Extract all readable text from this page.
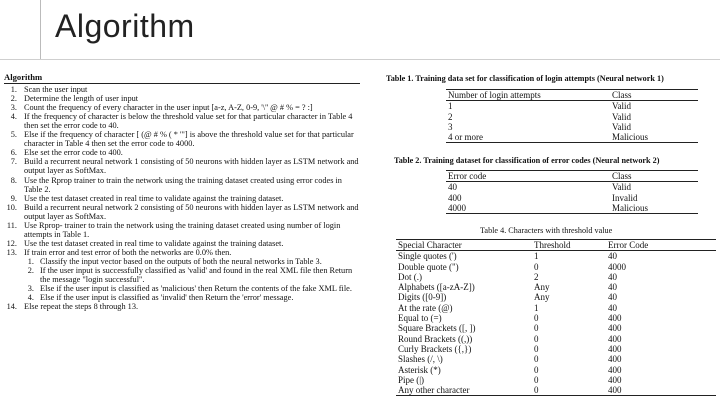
Algorithm
Algorithm
1. Scan the user input
2. Determine the length of user input
3. Count the frequency of every character in the user input [a-z, A-Z, 0-9, '\'' @ # % = ? :]
4. If the frequency of character is below the threshold value set for that particular character in Table 4 then set the error code to 40.
5. Else if the frequency of character [ (@ # % ( * '"] is above the threshold value set for that particular character in Table 4 then set the error code to 4000.
6. Else set the error code to 400.
7. Build a recurrent neural network 1 consisting of 50 neurons with hidden layer as LSTM network and output layer as SoftMax.
8. Use the Rprop trainer to train the network using the training dataset created using error codes in Table 2.
9. Use the test dataset created in real time to validate against the training dataset.
10. Build a recurrent neural network 2 consisting of 50 neurons with hidden layer as LSTM network and output layer as SoftMax.
11. Use Rprop- trainer to train the network using the training dataset created using number of login attempts in Table 1.
12. Use the test dataset created in real time to validate against the training dataset.
13. If train error and test error of both the networks are 0.0% then.
1. Classify the input vector based on the outputs of both the neural networks in Table 3.
2. If the user input is successfully classified as 'valid' and found in the real XML file then Return the message "login successful".
3. Else if the user input is classified as 'malicious' then Return the contents of the fake XML file.
4. Else if the user input is classified as 'invalid' then Return the 'error' message.
14. Else repeat the steps 8 through 13.
Table 1. Training data set for classification of login attempts (Neural network 1)
Number of login attempts	Class
1	Valid
2	Valid
3	Valid
4 or more	Malicious
Table 2. Training dataset for classification of error codes (Neural network 2)
Error code	Class
40	Valid
400	Invalid
4000	Malicious
Table 4. Characters with threshold value
Special Character	Threshold	Error Code
Single quotes (')	1	40
Double quote (")	0	4000
Dot (.)	2	40
Alphabets ([a-zA-Z])	Any	40
Digits ([0-9])	Any	40
At the rate (@)	1	40
Equal to (=)	0	400
Square Brackets ([, ])	0	400
Round Brackets ((,))	0	400
Curly Brackets ({,})	0	400
Slashes (/, \)	0	400
Asterisk (*)	0	400
Pipe (|)	0	400
Any other character	0	400
